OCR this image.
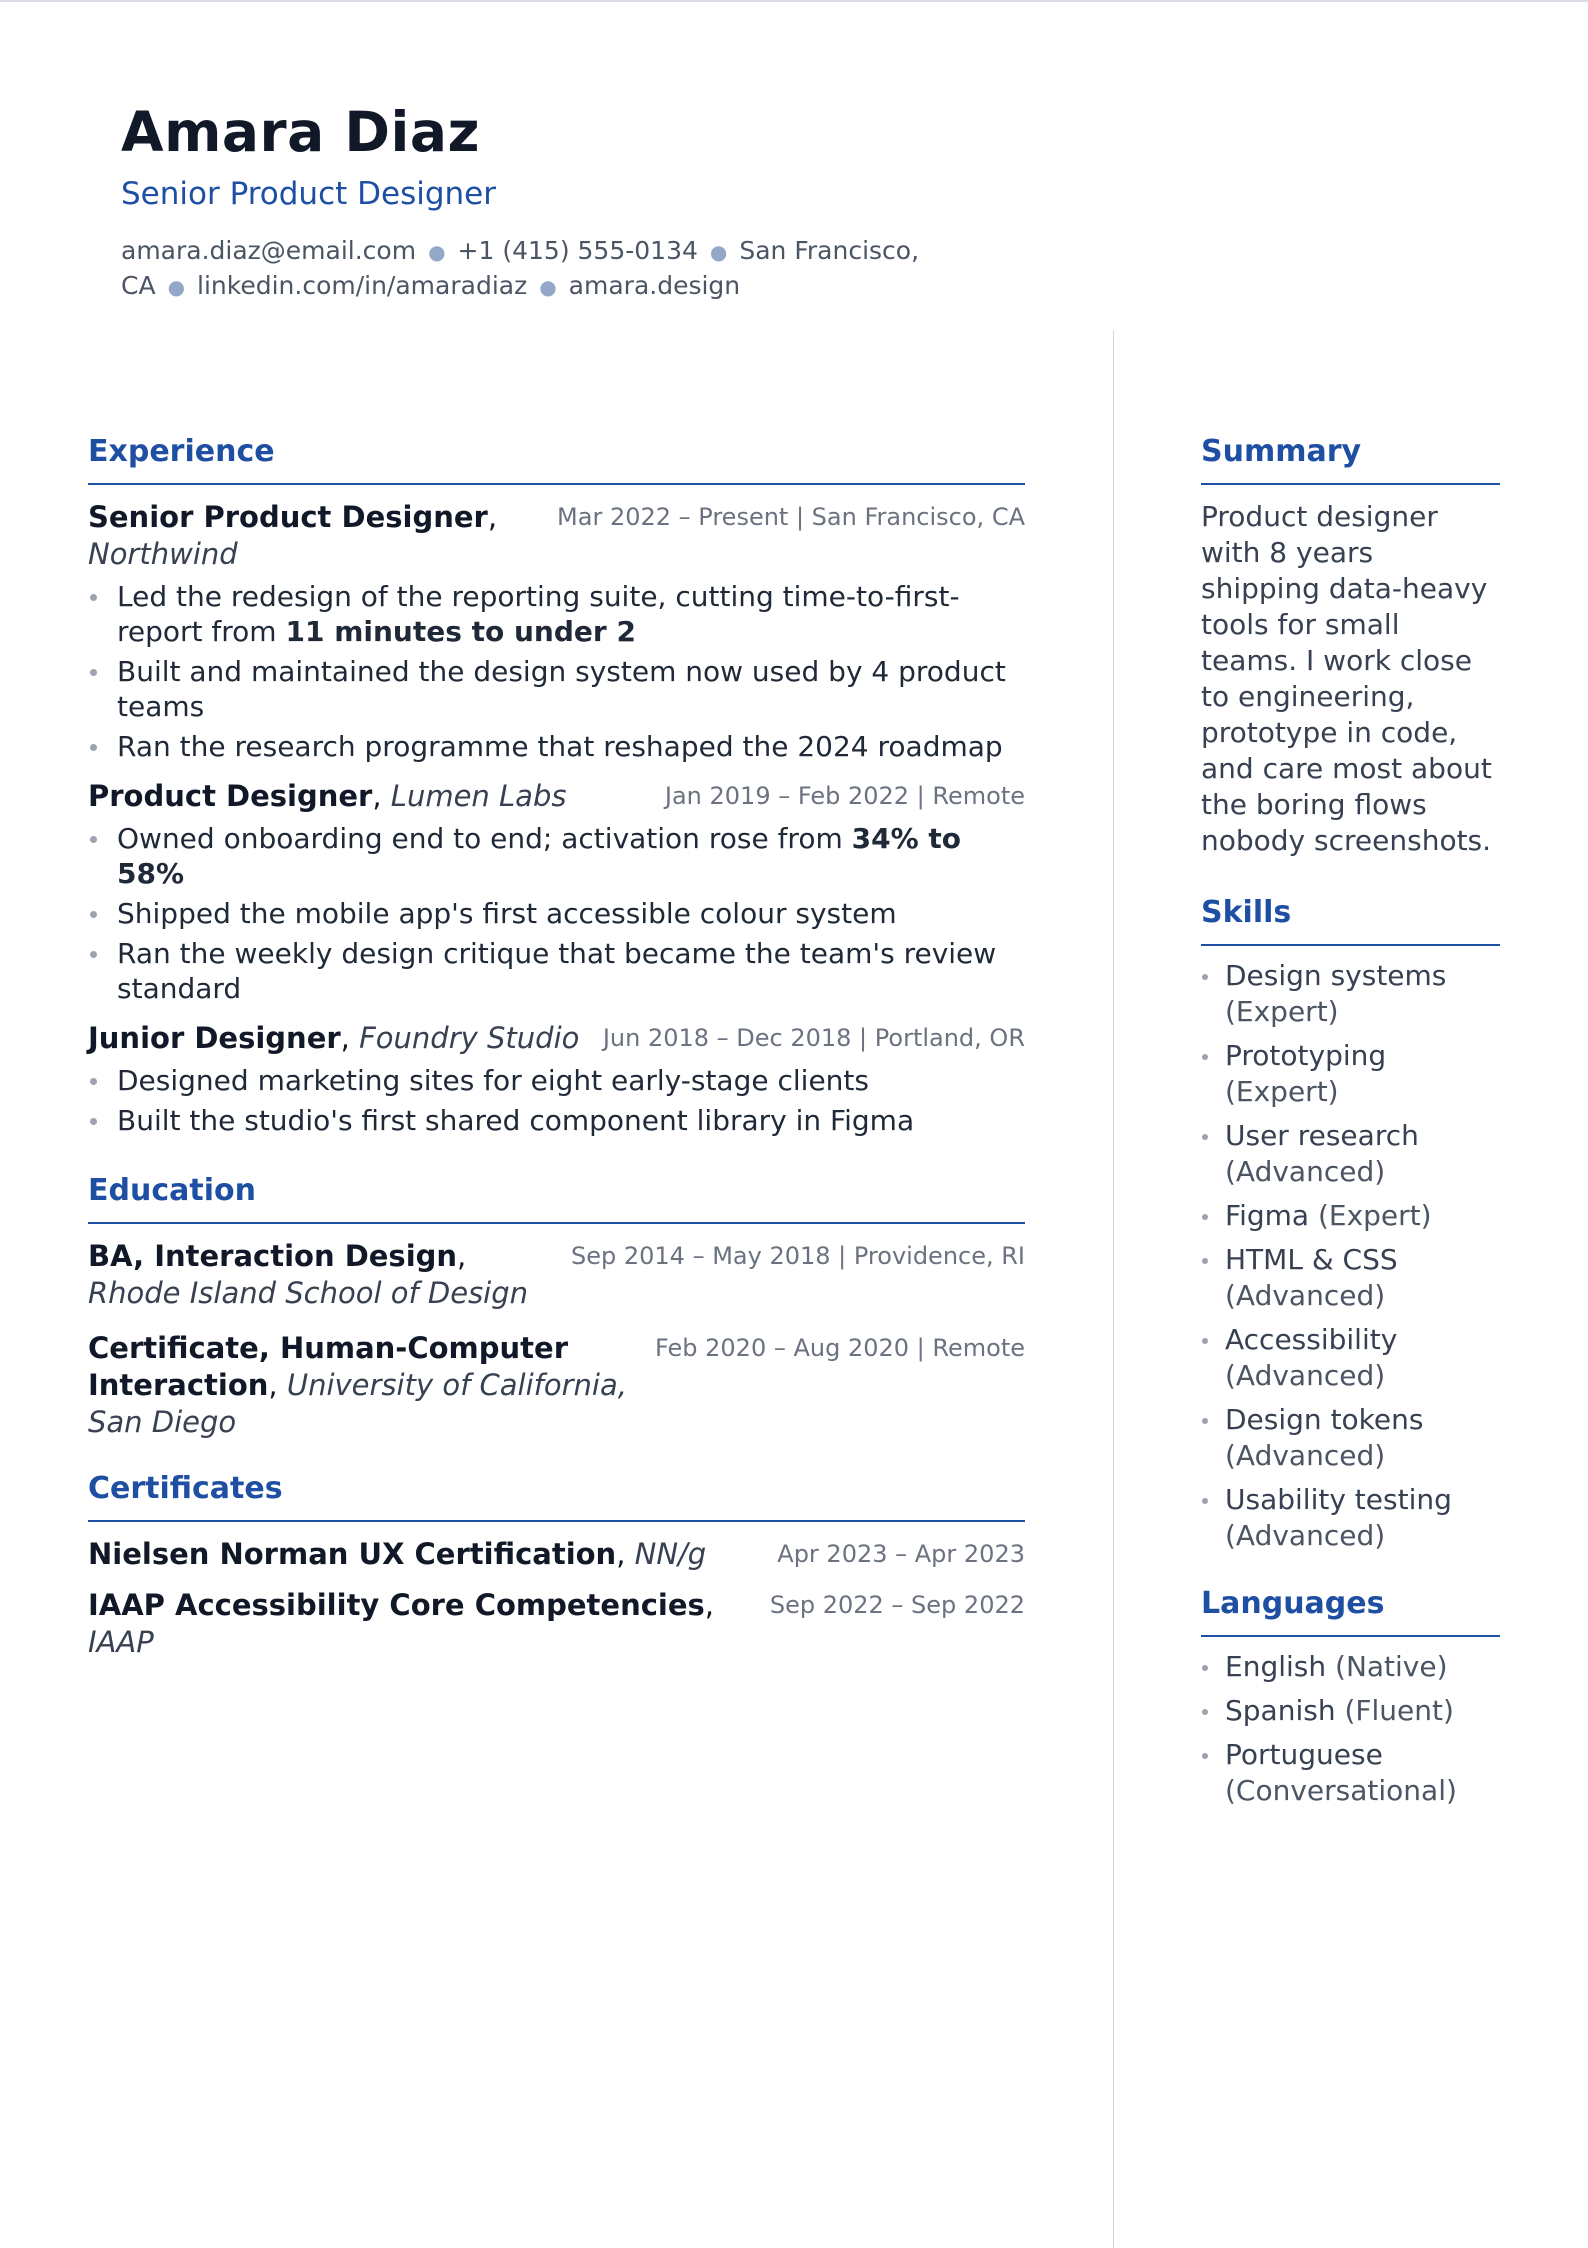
Amara Diaz
Senior Product Designer
amara.diaz@email.com ● +1 (415) 555-0134 ● San Francisco, CA ● linkedin.com/in/amaradiaz ● amara.design
Experience
Senior Product Designer, Northwind
Mar 2022 – Present | San Francisco, CA
Led the redesign of the reporting suite, cutting time-to-first-report from 11 minutes to under 2
Built and maintained the design system now used by 4 product teams
Ran the research programme that reshaped the 2024 roadmap
Product Designer, Lumen Labs	Jan 2019 – Feb 2022 | Remote
Owned onboarding end to end; activation rose from 34% to 58%
Shipped the mobile app's first accessible colour system
Ran the weekly design critique that became the team's review standard
Junior Designer, Foundry Studio Jun 2018 – Dec 2018 | Portland, OR
Designed marketing sites for eight early-stage clients
Built the studio's first shared component library in Figma
Education
BA, Interaction Design,
Rhode Island School of Design
Sep 2014 – May 2018 | Providence, RI
Certificate, Human-Computer Interaction, University of California, San Diego
Feb 2020 – Aug 2020 | Remote
Certificates
Nielsen Norman UX Certification, NN/g	Apr 2023 – Apr 2023
IAAP Accessibility Core Competencies,
IAAP
Sep 2022 – Sep 2022
Summary

Product designer with 8 years shipping data-heavy tools for small teams. I work close to engineering, prototype in code, and care most about the boring flows nobody screenshots.

Skills
Design systems (Expert)
Prototyping (Expert)
User research (Advanced)
Figma (Expert)
HTML & CSS (Advanced)
Accessibility (Advanced)
Design tokens (Advanced)
Usability testing (Advanced)
Languages
English (Native)
Spanish (Fluent)
Portuguese (Conversational)
